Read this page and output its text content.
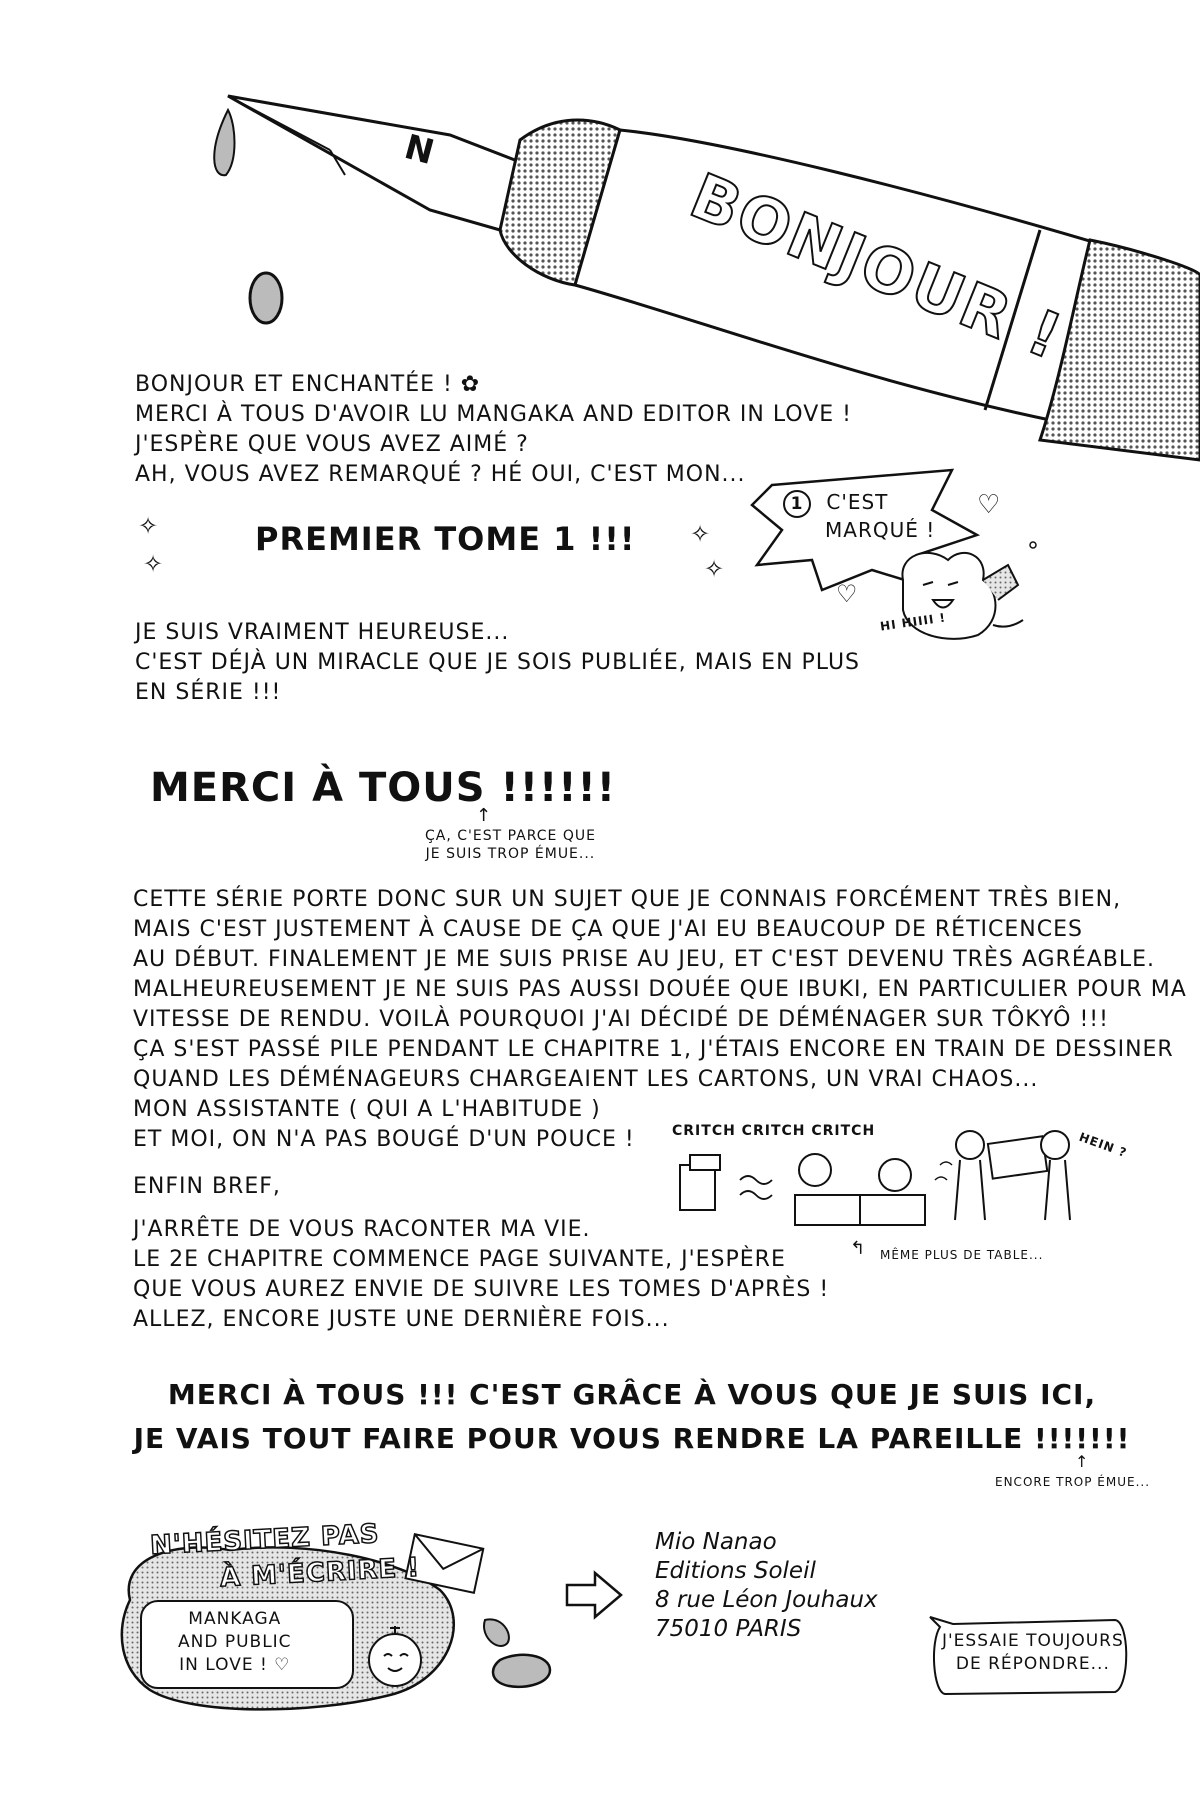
N
BONJOUR !
BONJOUR ET ENCHANTÉE ! ✿
MERCI À TOUS D'AVOIR LU MANGAKA AND EDITOR IN LOVE !
J'ESPÈRE QUE VOUS AVEZ AIMÉ ?
AH, VOUS AVEZ REMARQUÉ ? HÉ OUI, C'EST MON...
✧
✧
✧
✧
PREMIER TOME 1 !!!
1 C'EST
MARQUÉ !
♡
♡
HI HIIII !
JE SUIS VRAIMENT HEUREUSE...
C'EST DÉJÀ UN MIRACLE QUE JE SOIS PUBLIÉE, MAIS EN PLUS
EN SÉRIE !!!
MERCI À TOUS !!!!!!
↑
ÇA, C'EST PARCE QUE
JE SUIS TROP ÉMUE...
CETTE SÉRIE PORTE DONC SUR UN SUJET QUE JE CONNAIS FORCÉMENT TRÈS BIEN,
MAIS C'EST JUSTEMENT À CAUSE DE ÇA QUE J'AI EU BEAUCOUP DE RÉTICENCES
AU DÉBUT. FINALEMENT JE ME SUIS PRISE AU JEU, ET C'EST DEVENU TRÈS AGRÉABLE.
MALHEUREUSEMENT JE NE SUIS PAS AUSSI DOUÉE QUE IBUKI, EN PARTICULIER POUR MA
VITESSE DE RENDU. VOILÀ POURQUOI J'AI DÉCIDÉ DE DÉMÉNAGER SUR TÔKYÔ !!!
ÇA S'EST PASSÉ PILE PENDANT LE CHAPITRE 1, J'ÉTAIS ENCORE EN TRAIN DE DESSINER
QUAND LES DÉMÉNAGEURS CHARGEAIENT LES CARTONS, UN VRAI CHAOS...
MON ASSISTANTE ( QUI A L'HABITUDE )
ET MOI, ON N'A PAS BOUGÉ D'UN POUCE !	CRITCH CRITCH CRITCH	HEIN ?
↰ MÊME PLUS DE TABLE...
ENFIN BREF,
J'ARRÊTE DE VOUS RACONTER MA VIE.
LE 2E CHAPITRE COMMENCE PAGE SUIVANTE, J'ESPÈRE
QUE VOUS AUREZ ENVIE DE SUIVRE LES TOMES D'APRÈS !
ALLEZ, ENCORE JUSTE UNE DERNIÈRE FOIS...
MERCI À TOUS !!! C'EST GRÂCE À VOUS QUE JE SUIS ICI,
JE VAIS TOUT FAIRE POUR VOUS RENDRE LA PAREILLE !!!!!!!
↑
ENCORE TROP ÉMUE...
N'HÉSITEZ PAS
À M'ÉCRIRE !
MANKAGA
AND PUBLIC
IN LOVE ! ♡
Mio Nanao
Editions Soleil
8 rue Léon Jouhaux
75010 PARIS	J'ESSAIE TOUJOURS
DE RÉPONDRE...
